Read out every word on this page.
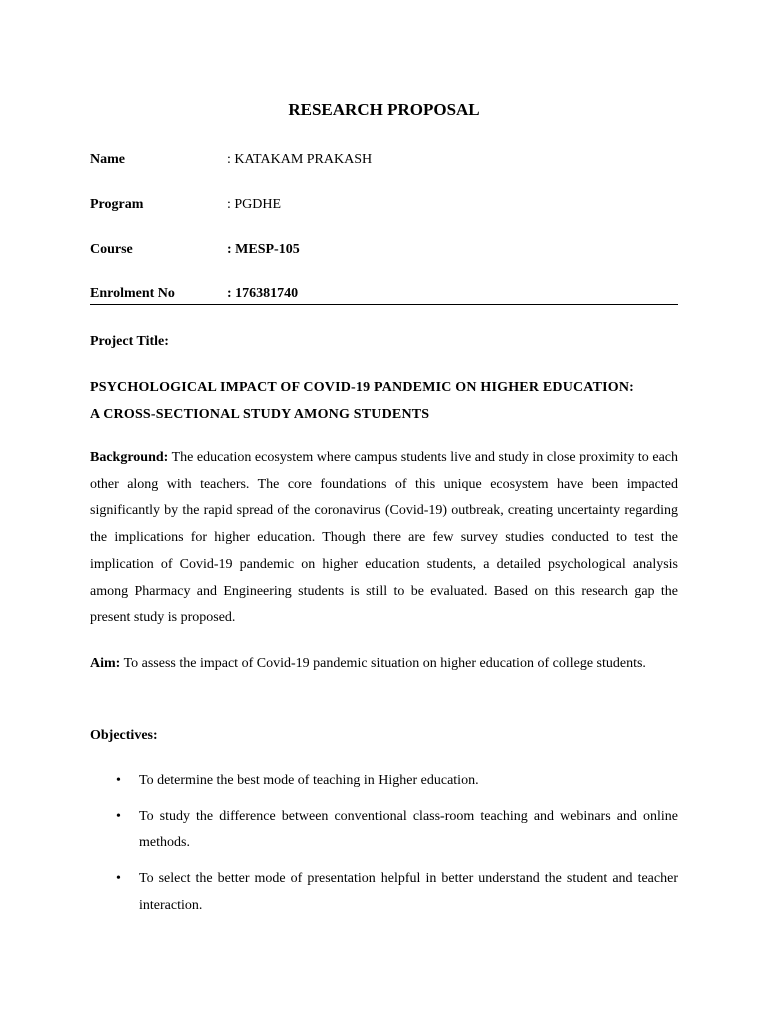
RESEARCH PROPOSAL
Name	: KATAKAM PRAKASH
Program	: PGDHE
Course	: MESP-105
Enrolment No	: 176381740
Project Title:
PSYCHOLOGICAL IMPACT OF COVID-19 PANDEMIC ON HIGHER EDUCATION:
A CROSS-SECTIONAL STUDY AMONG STUDENTS
Background: The education ecosystem where campus students live and study in close proximity to each other along with teachers. The core foundations of this unique ecosystem have been impacted significantly by the rapid spread of the coronavirus (Covid-19) outbreak, creating uncertainty regarding the implications for higher education. Though there are few survey studies conducted to test the implication of Covid-19 pandemic on higher education students, a detailed psychological analysis among Pharmacy and Engineering students is still to be evaluated. Based on this research gap the present study is proposed.
Aim: To assess the impact of Covid-19 pandemic situation on higher education of college students.
Objectives:
• To determine the best mode of teaching in Higher education.
• To study the difference between conventional class-room teaching and webinars and online methods.
• To select the better mode of presentation helpful in better understand the student and teacher interaction.
